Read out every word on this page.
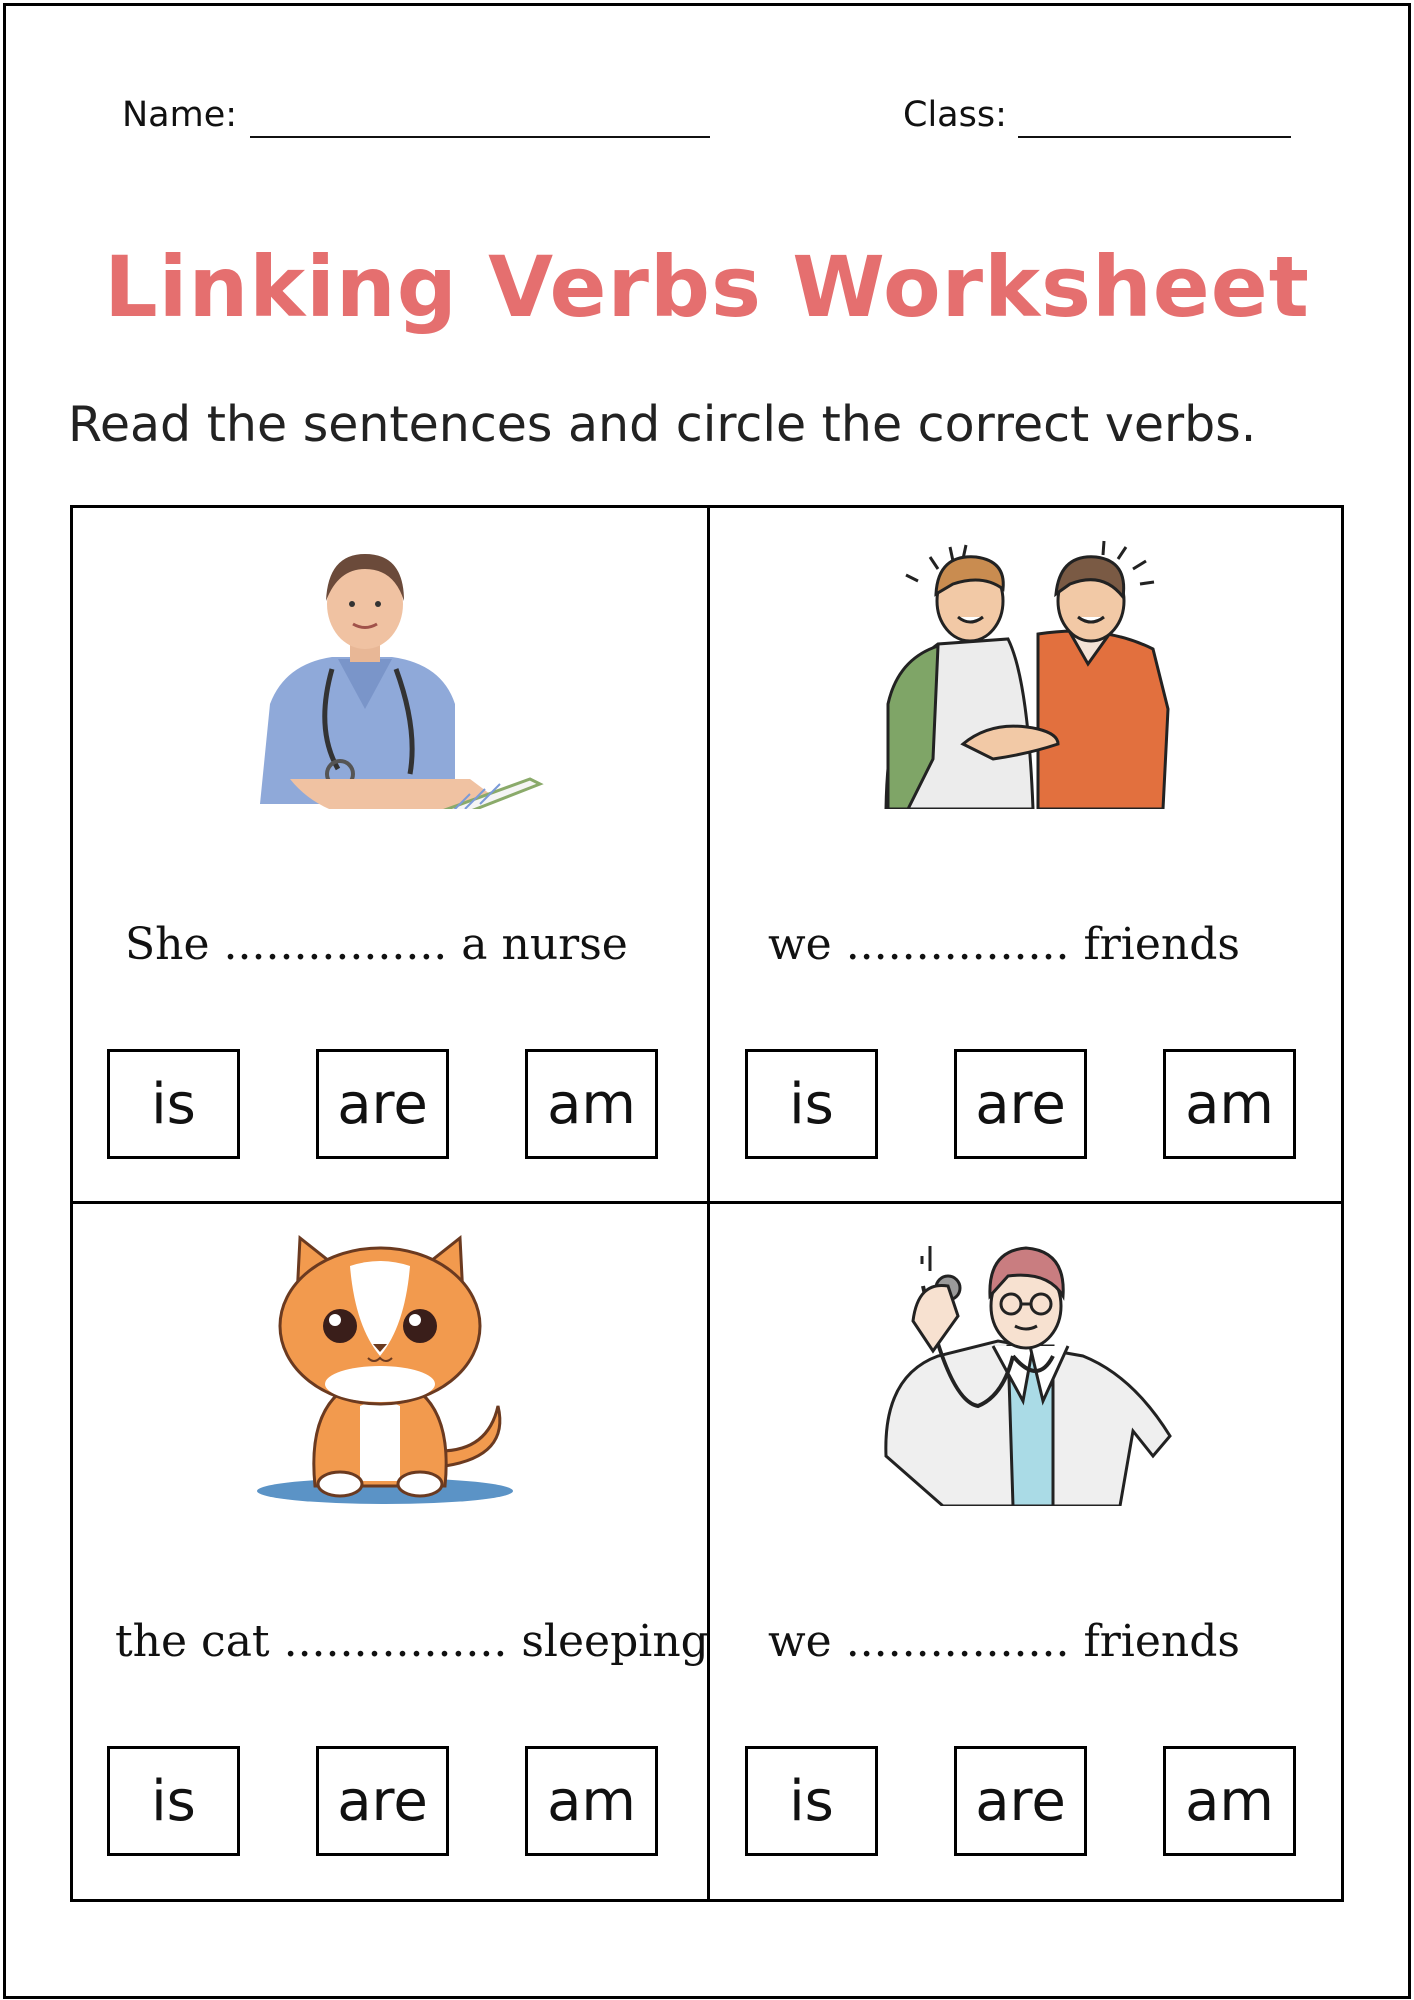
Name:	Class:
Linking Verbs Worksheet
Read the sentences and circle the correct verbs.
She ................ a nurse
is	are	am
we ................ friends
is	are	am
the cat ................ sleeping
is	are	am
we ................ friends
is	are	am
